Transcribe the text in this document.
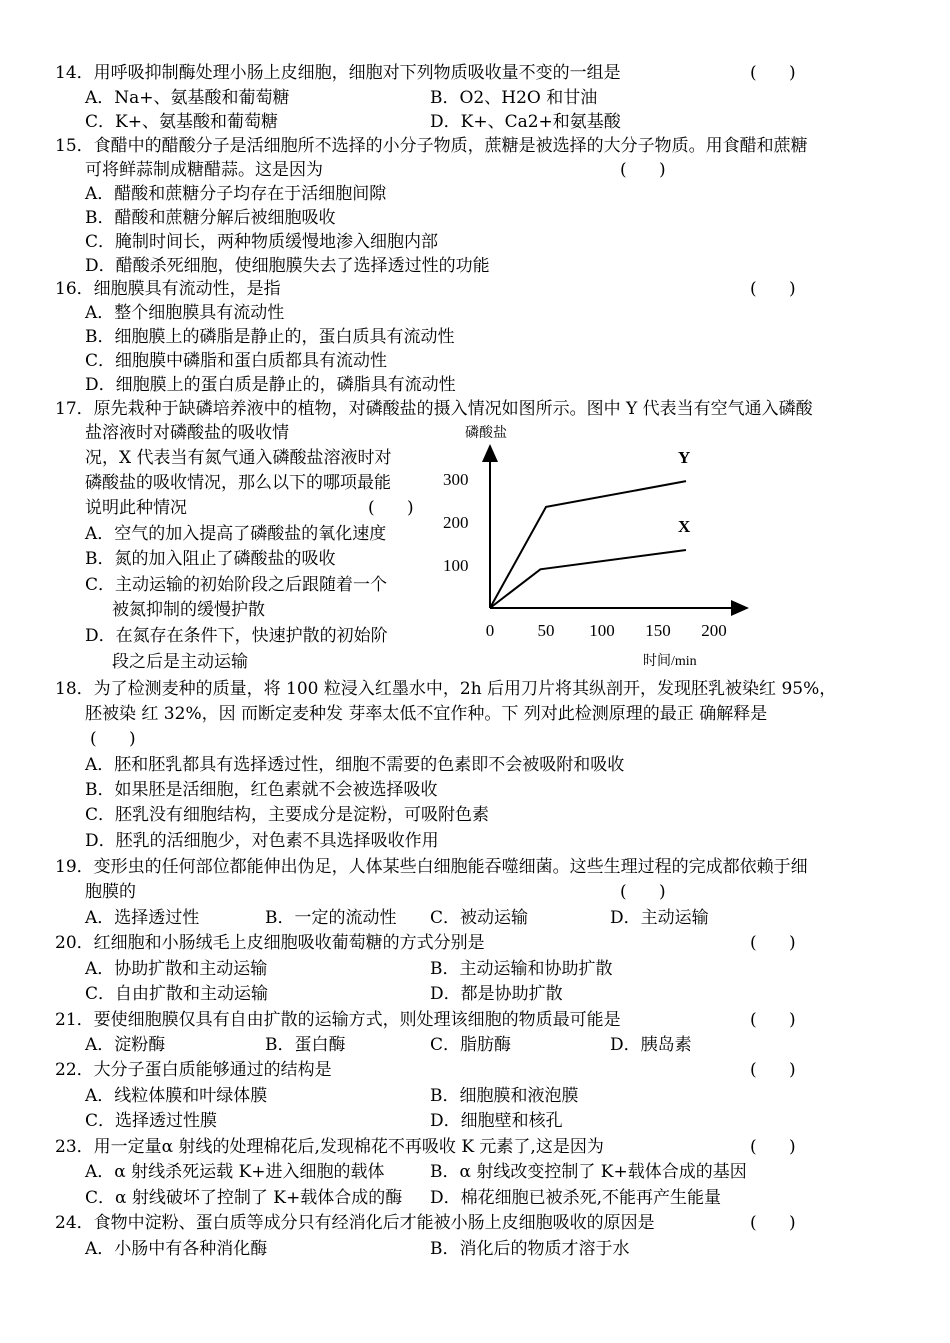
14．用呼吸抑制酶处理小肠上皮细胞，细胞对下列物质吸收量不变的一组是	(      )
A．Na+、氨基酸和葡萄糖	B．O2、H2O 和甘油
C．K+、氨基酸和葡萄糖	D．K+、Ca2+和氨基酸
15．食醋中的醋酸分子是活细胞所不选择的小分子物质，蔗糖是被选择的大分子物质。用食醋和蔗糖
可将鲜蒜制成糖醋蒜。这是因为	(      )
A．醋酸和蔗糖分子均存在于活细胞间隙
B．醋酸和蔗糖分解后被细胞吸收
C．腌制时间长，两种物质缓慢地渗入细胞内部
D．醋酸杀死细胞，使细胞膜失去了选择透过性的功能
16．细胞膜具有流动性，是指	(      )
A．整个细胞膜具有流动性
B．细胞膜上的磷脂是静止的，蛋白质具有流动性
C．细胞膜中磷脂和蛋白质都具有流动性
D．细胞膜上的蛋白质是静止的，磷脂具有流动性
17．原先栽种于缺磷培养液中的植物，对磷酸盐的摄入情况如图所示。图中 Y 代表当有空气通入磷酸
盐溶液时对磷酸盐的吸收情
况，X 代表当有氮气通入磷酸盐溶液时对
磷酸盐的吸收情况，那么以下的哪项最能
说明此种情况	(      )
A．空气的加入提高了磷酸盐的氧化速度
B．氮的加入阻止了磷酸盐的吸收
C．主动运输的初始阶段之后跟随着一个
被氮抑制的缓慢护散
D．在氮存在条件下，快速护散的初始阶
段之后是主动运输
磷酸盐
0	50 100 150 200
100
200
300
Y
X
时间/min
18．为了检测麦种的质量，将 100 粒浸入红墨水中，2h 后用刀片将其纵剖开，发现胚乳被染红 95%，
胚被染 红 32%，因 而断定麦种发 芽率太低不宜作种。下 列对此检测原理的最正 确解释是
(      )
A．胚和胚乳都具有选择透过性，细胞不需要的色素即不会被吸附和吸收
B．如果胚是活细胞，红色素就不会被选择吸收
C．胚乳没有细胞结构，主要成分是淀粉，可吸附色素
D．胚乳的活细胞少，对色素不具选择吸收作用
19．变形虫的任何部位都能伸出伪足，人体某些白细胞能吞噬细菌。这些生理过程的完成都依赖于细
胞膜的	(      )
A．选择透过性	B．一定的流动性 C．被动运输	D．主动运输
20．红细胞和小肠绒毛上皮细胞吸收葡萄糖的方式分别是	(      )
A．协助扩散和主动运输	B．主动运输和协助扩散
C．自由扩散和主动运输	D．都是协助扩散
21．要使细胞膜仅具有自由扩散的运输方式，则处理该细胞的物质最可能是	(      )
A．淀粉酶	B．蛋白酶	C．脂肪酶	D．胰岛素
22．大分子蛋白质能够通过的结构是	(      )
A．线粒体膜和叶绿体膜	B．细胞膜和液泡膜
C．选择透过性膜	D．细胞壁和核孔
23．用一定量α 射线的处理棉花后,发现棉花不再吸收 K 元素了,这是因为	(      )
A．α 射线杀死运载 K+进入细胞的载体	B．α 射线改变控制了 K+载体合成的基因
C．α 射线破坏了控制了 K+载体合成的酶 D．棉花细胞已被杀死,不能再产生能量
24．食物中淀粉、蛋白质等成分只有经消化后才能被小肠上皮细胞吸收的原因是	(      )
A．小肠中有各种消化酶	B．消化后的物质才溶于水
